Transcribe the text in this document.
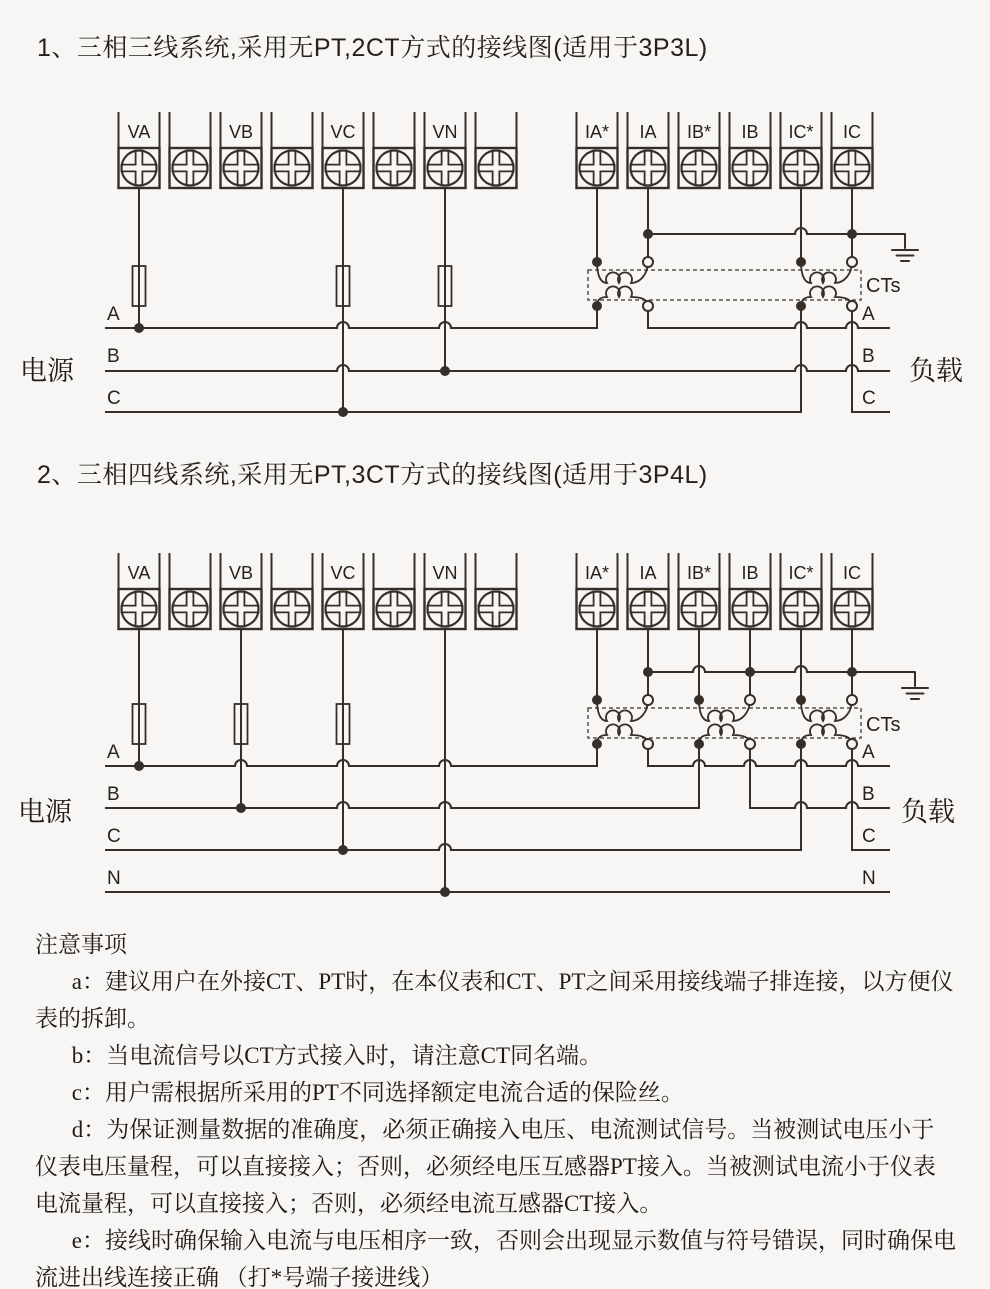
1、三相三线系统,采用无PT,2CT方式的接线图(适用于3P3L)
2、三相四线系统,采用无PT,3CT方式的接线图(适用于3P4L)
VA	VB	VC	VN	IA* IA IB* IB IC* IC
CTs
A
B
C
A
B
C
电源	负载
VA	VB	VC	VN	IA* IA IB* IB IC* IC
CTs
A
B
C
N
A
B
C
N
电源	负载

注意事项

a：建议用户在外接CT、PT时，在本仪表和CT、PT之间采用接线端子排连接，以方便仪表的拆卸。

b：当电流信号以CT方式接入时，请注意CT同名端。

c：用户需根据所采用的PT不同选择额定电流合适的保险丝。

d：为保证测量数据的准确度，必须正确接入电压、电流测试信号。当被测试电压小于仪表电压量程，可以直接接入；否则，必须经电压互感器PT接入。当被测试电流小于仪表电流量程，可以直接接入；否则，必须经电流互感器CT接入。

e：接线时确保输入电流与电压相序一致，否则会出现显示数值与符号错误，同时确保电流进出线连接正确 （打*号端子接进线）
